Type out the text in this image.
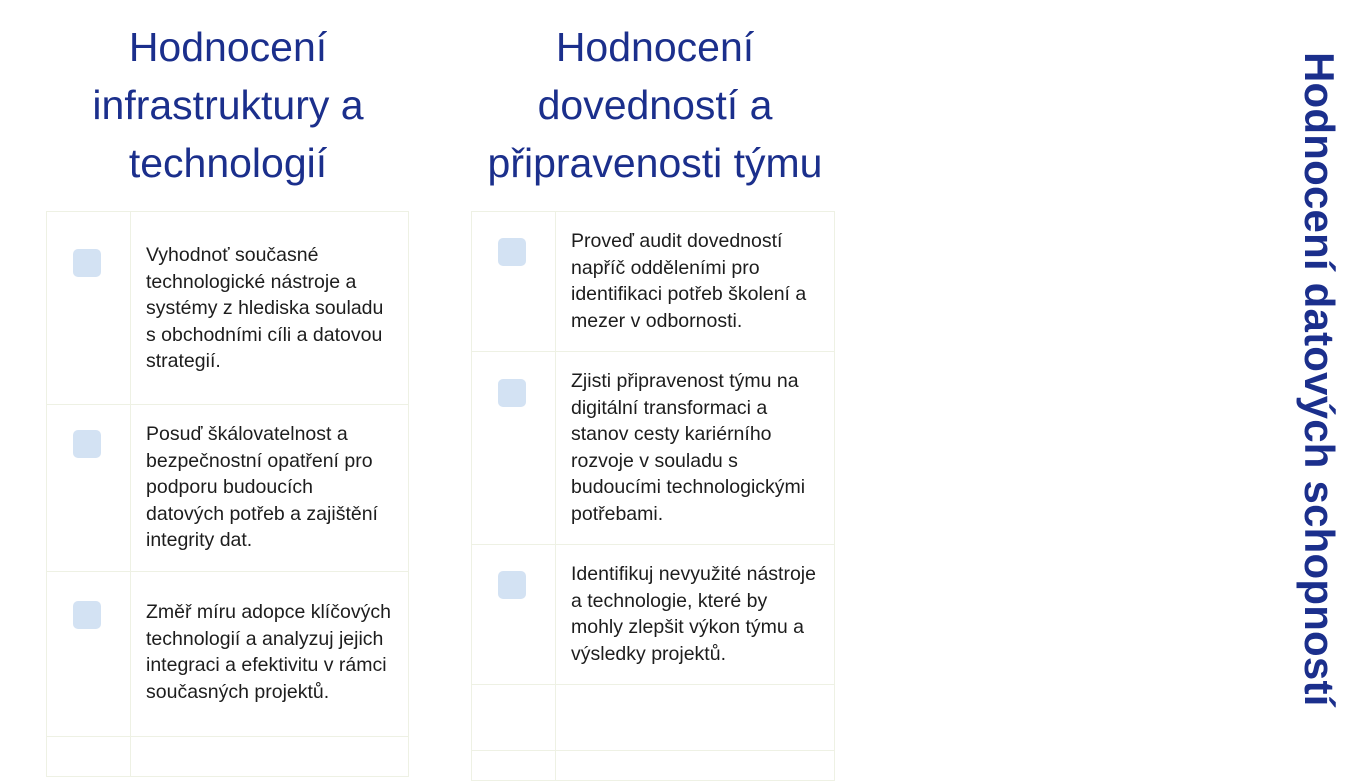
Hodnocení
infrastruktury a
technologií
Hodnocení
dovedností a
připravenosti týmu	Hodnocení datových schopností
Vyhodnoť současné technologické nástroje a systémy z hlediska souladu s obchodními cíli a datovou strategií.
Posuď škálovatelnost a bezpečnostní opatření pro podporu budoucích datových potřeb a zajištění integrity dat.
Změř míru adopce klíčových technologií a analyzuj jejich integraci a efektivitu v rámci současných projektů.
Proveď audit dovedností napříč odděleními pro identifikaci potřeb školení a mezer v odbornosti.
Zjisti připravenost týmu na digitální transformaci a stanov cesty kariérního rozvoje v souladu s budoucími technologickými potřebami.
Identifikuj nevyužité nástroje a technologie, které by mohly zlepšit výkon týmu a výsledky projektů.
